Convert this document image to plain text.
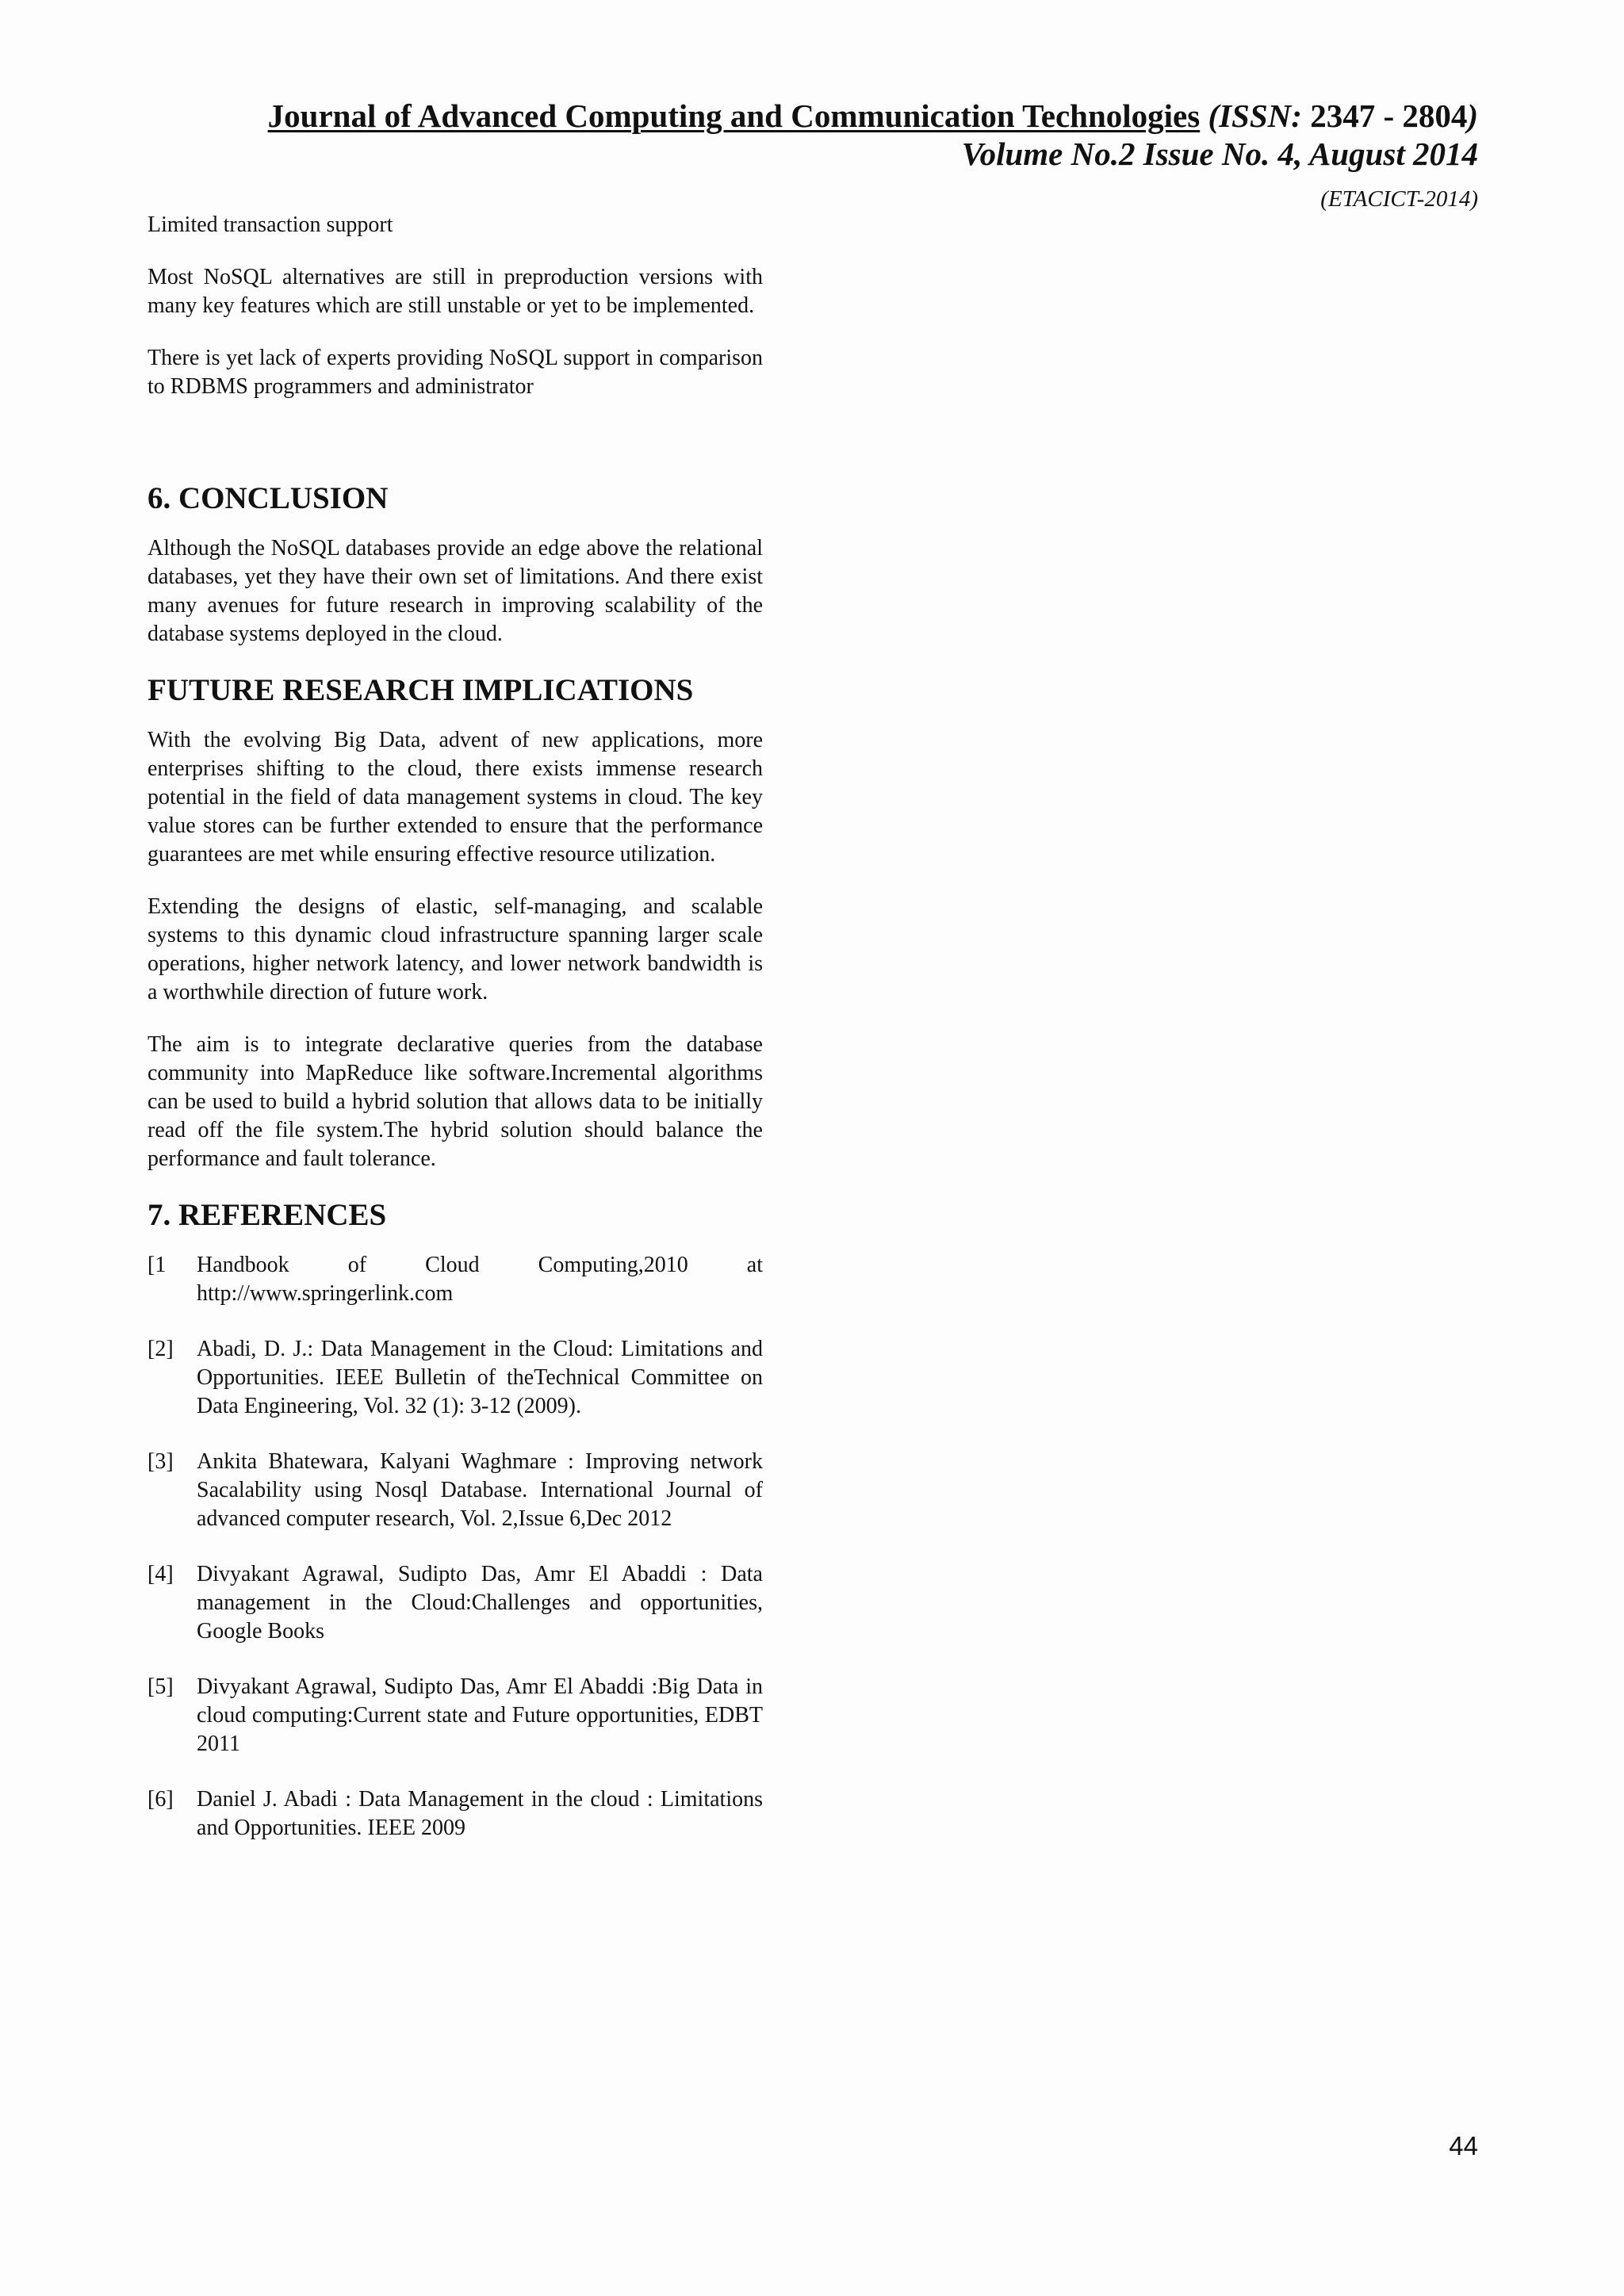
Journal of Advanced Computing and Communication Technologies (ISSN: 2347 - 2804)
Volume No.2 Issue No. 4, August 2014
(ETACICT-2014)

Limited transaction support

Most NoSQL alternatives are still in preproduction versions with many key features which are still unstable or yet to be implemented.

There is yet lack of experts providing NoSQL support in comparison to RDBMS programmers and administrator

6. CONCLUSION

Although the NoSQL databases provide an edge above the relational databases, yet they have their own set of limitations. And there exist many avenues for future research in improving scalability of the database systems deployed in the cloud.

FUTURE RESEARCH IMPLICATIONS

With the evolving Big Data, advent of new applications, more enterprises shifting to the cloud, there exists immense research potential in the field of data management systems in cloud. The key value stores can be further extended to ensure that the performance guarantees are met while ensuring effective resource utilization.

Extending the designs of elastic, self-managing, and scalable systems to this dynamic cloud infrastructure spanning larger scale operations, higher network latency, and lower network bandwidth is a worthwhile direction of future work.

The aim is to integrate declarative queries from the database community into MapReduce like software.Incremental algorithms can be used to build a hybrid solution that allows data to be initially read off the file system.The hybrid solution should balance the performance and fault tolerance.

7. REFERENCES
[1	Handbook of Cloud Computing,2010 at http://www.springerlink.com
[2]	Abadi, D. J.: Data Management in the Cloud: Limitations and Opportunities. IEEE Bulletin of theTechnical Committee on Data Engineering, Vol. 32 (1): 3-12 (2009).
[3]	Ankita Bhatewara, Kalyani Waghmare : Improving network Sacalability using Nosql Database. International Journal of advanced computer research, Vol. 2,Issue 6,Dec 2012
[4]	Divyakant Agrawal, Sudipto Das, Amr El Abaddi : Data management in the Cloud:Challenges and opportunities, Google Books
[5]	Divyakant Agrawal, Sudipto Das, Amr El Abaddi :Big Data in cloud computing:Current state and Future opportunities, EDBT 2011
[6]	Daniel J. Abadi : Data Management in the cloud : Limitations and Opportunities. IEEE 2009
44
